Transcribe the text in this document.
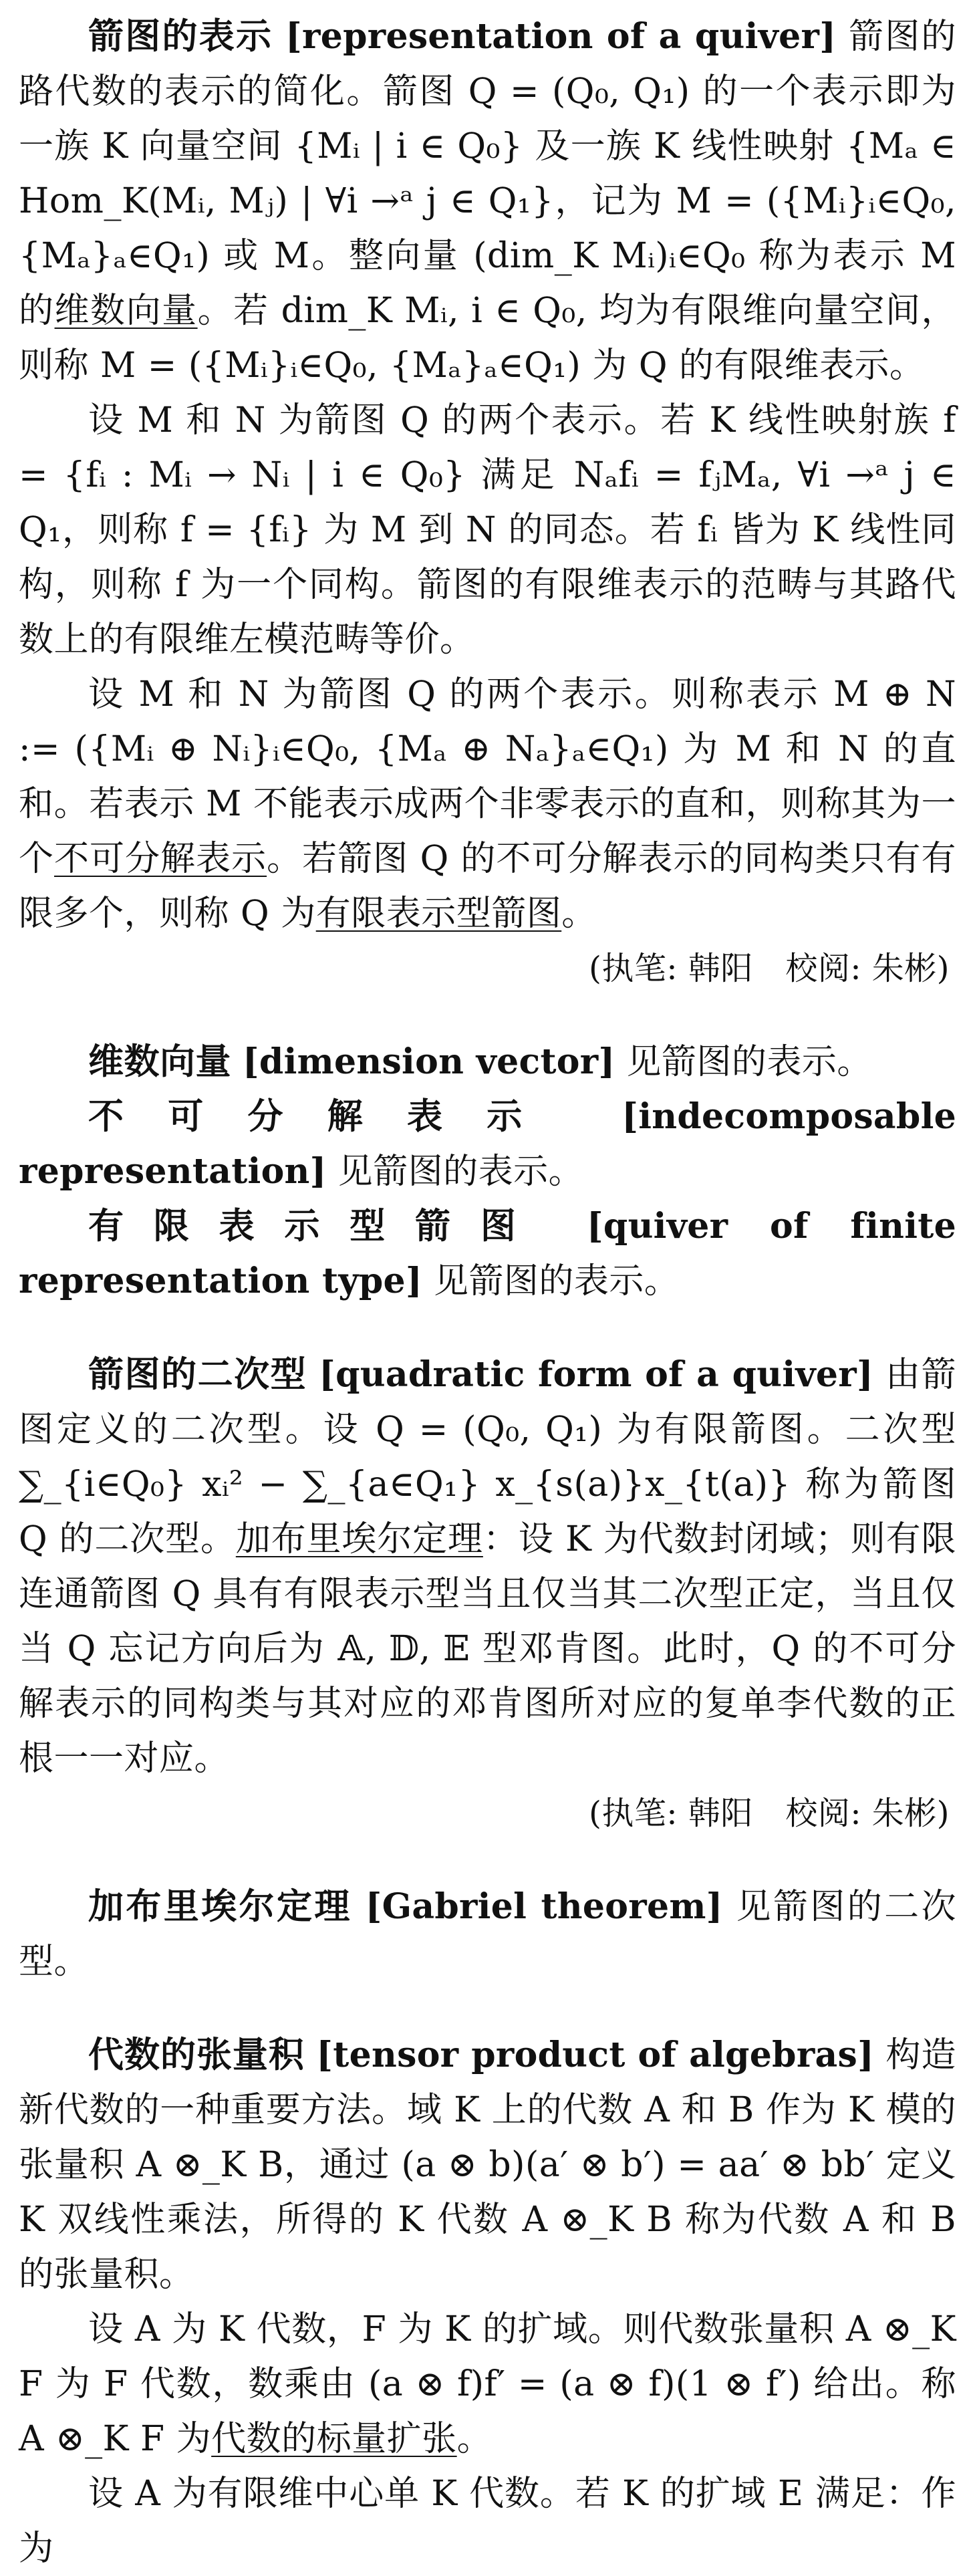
箭图的表示 [representation of a quiver] 箭图的路代数的表示的简化。箭图 Q = (Q₀, Q₁) 的一个表示即为一族 K 向量空间 {Mᵢ | i ∈ Q₀} 及一族 K 线性映射 {Mₐ ∈ Hom_K(Mᵢ, Mⱼ) | ∀i →ᵃ j ∈ Q₁}，记为 M = ({Mᵢ}ᵢ∈Q₀, {Mₐ}ₐ∈Q₁) 或 M。整向量 (dim_K Mᵢ)ᵢ∈Q₀ 称为表示 M 的维数向量。若 dim_K Mᵢ, i ∈ Q₀, 均为有限维向量空间，则称 M = ({Mᵢ}ᵢ∈Q₀, {Mₐ}ₐ∈Q₁) 为 Q 的有限维表示。

设 M 和 N 为箭图 Q 的两个表示。若 K 线性映射族 f = {fᵢ : Mᵢ → Nᵢ | i ∈ Q₀} 满足 Nₐfᵢ = fⱼMₐ, ∀i →ᵃ j ∈ Q₁，则称 f = {fᵢ} 为 M 到 N 的同态。若 fᵢ 皆为 K 线性同构，则称 f 为一个同构。箭图的有限维表示的范畴与其路代数上的有限维左模范畴等价。

设 M 和 N 为箭图 Q 的两个表示。则称表示 M ⊕ N := ({Mᵢ ⊕ Nᵢ}ᵢ∈Q₀, {Mₐ ⊕ Nₐ}ₐ∈Q₁) 为 M 和 N 的直和。若表示 M 不能表示成两个非零表示的直和，则称其为一个不可分解表示。若箭图 Q 的不可分解表示的同构类只有有限多个，则称 Q 为有限表示型箭图。

(执笔: 韩阳　校阅: 朱彬)

维数向量 [dimension vector] 见箭图的表示。

不可分解表示 [indecomposable representation] 见箭图的表示。

有限表示型箭图 [quiver of finite representation type] 见箭图的表示。

箭图的二次型 [quadratic form of a quiver] 由箭图定义的二次型。设 Q = (Q₀, Q₁) 为有限箭图。二次型 ∑_{i∈Q₀} xᵢ² − ∑_{a∈Q₁} x_{s(a)}x_{t(a)} 称为箭图 Q 的二次型。加布里埃尔定理：设 K 为代数封闭域；则有限连通箭图 Q 具有有限表示型当且仅当其二次型正定，当且仅当 Q 忘记方向后为 𝔸, 𝔻, 𝔼 型邓肯图。此时，Q 的不可分解表示的同构类与其对应的邓肯图所对应的复单李代数的正根一一对应。

(执笔: 韩阳　校阅: 朱彬)

加布里埃尔定理 [Gabriel theorem] 见箭图的二次型。

代数的张量积 [tensor product of algebras] 构造新代数的一种重要方法。域 K 上的代数 A 和 B 作为 K 模的张量积 A ⊗_K B，通过 (a ⊗ b)(a′ ⊗ b′) = aa′ ⊗ bb′ 定义 K 双线性乘法，所得的 K 代数 A ⊗_K B 称为代数 A 和 B 的张量积。

设 A 为 K 代数，F 为 K 的扩域。则代数张量积 A ⊗_K F 为 F 代数，数乘由 (a ⊗ f)f′ = (a ⊗ f)(1 ⊗ f′) 给出。称 A ⊗_K F 为代数的标量扩张。

设 A 为有限维中心单 K 代数。若 K 的扩域 E 满足：作为
